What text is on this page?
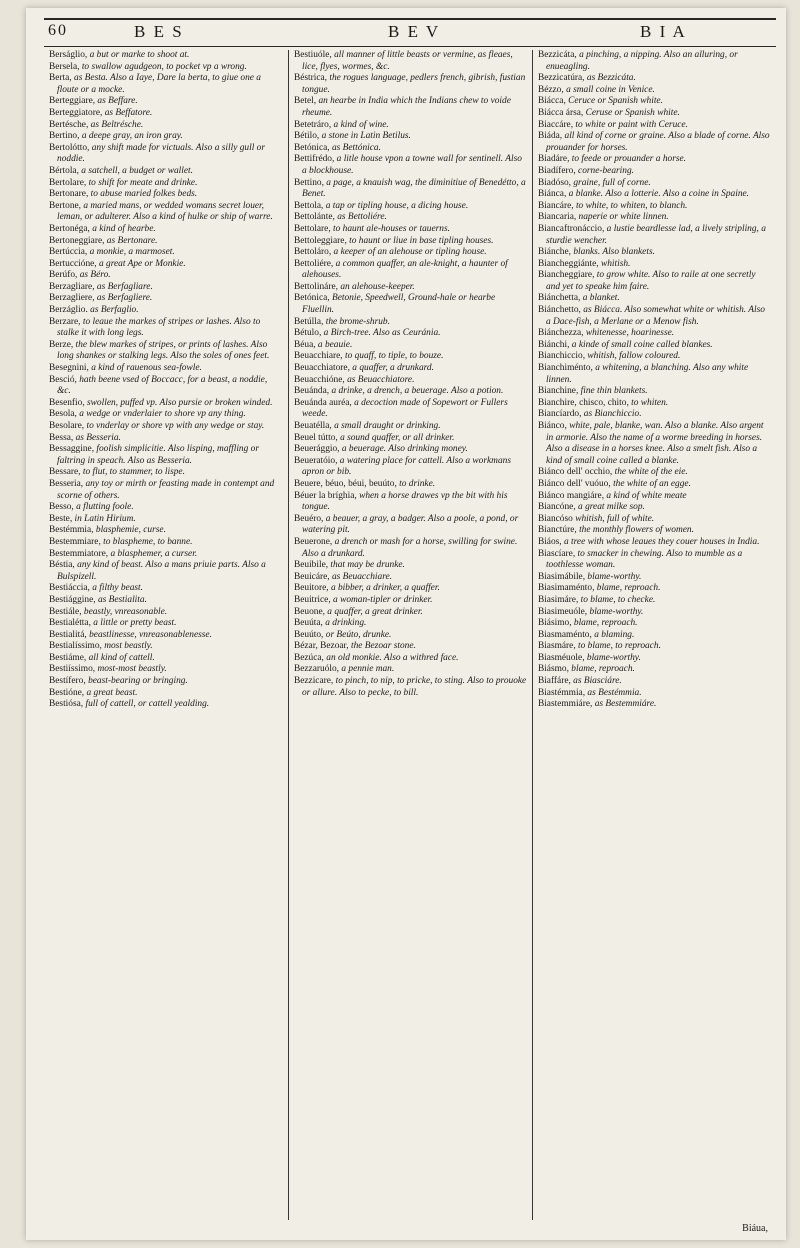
60	B E S	B E V	B I A

Berságlio, a but or marke to shoot at.

Bersela, to swallow agudgeon, to pocket vp a wrong.

Berta, as Besta. Also a Iaye, Dare la berta, to giue one a floute or a mocke.

Berteggiare, as Beffare.

Berteggiatore, as Beffatore.

Bertésche, as Beltrésche.

Bertino, a deepe gray, an iron gray.

Bertolótto, any shift made for victuals. Also a silly gull or noddie.

Bértola, a satchell, a budget or wallet.

Bertolare, to shift for meate and drinke.

Bertonare, to abuse maried folkes beds.

Bertone, a maried mans, or wedded womans secret louer, leman, or adulterer. Also a kind of hulke or ship of warre.

Bertonéga, a kind of hearbe.

Bertoneggiare, as Bertonare.

Bertúccia, a monkie, a marmoset.

Bertuccióne, a great Ape or Monkie.

Berúfo, as Béro.

Berzagliare, as Berfagliare.

Berzagliere, as Berfagliere.

Berzáglio. as Berfaglio.

Berzare, to leaue the markes of stripes or lashes. Also to stalke it with long legs.

Berze, the blew markes of stripes, or prints of lashes. Also long shankes or stalking legs. Also the soles of ones feet.

Besegnini, a kind of rauenous sea-fowle.

Besció, hath beene vsed of Boccacc, for a beast, a noddie, &c.

Besenfio, swollen, puffed vp. Also pursie or broken winded.

Besola, a wedge or vnderlaier to shore vp any thing.

Besolare, to vnderlay or shore vp with any wedge or stay.

Bessa, as Besseria.

Bessaggine, foolish simplicitie. Also lisping, maffling or faltring in speach. Also as Besseria.

Bessare, to flut, to stammer, to lispe.

Besseria, any toy or mirth or feasting made in contempt and scorne of others.

Besso, a flutting foole.

Beste, in Latin Hirium.

Bestémmia, blasphemie, curse.

Bestemmiare, to blaspheme, to banne.

Bestemmiatore, a blasphemer, a curser.

Béstia, any kind of beast. Also a mans priuie parts. Also a Bulspizell.

Bestiáccia, a filthy beast.

Bestiággine, as Bestialita.

Bestiále, beastly, vnreasonable.

Bestialétta, a little or pretty beast.

Bestialitá, beastlinesse, vnreasonablenesse.

Bestialíssimo, most beastly.

Bestiáme, all kind of cattell.

Bestiíssimo, most-most beastly.

Bestífero, beast-bearing or bringing.

Bestióne, a great beast.

Bestiósa, full of cattell, or cattell yealding.

Bestiuóle, all manner of little beasts or vermine, as fleaes, lice, flyes, wormes, &c.

Béstrica, the rogues language, pedlers french, gibrish, fustian tongue.

Betel, an hearbe in India which the Indians chew to voide rheume.

Betetráro, a kind of wine.

Bétilo, a stone in Latin Betilus.

Betónica, as Bettónica.

Bettifrédo, a litle house vpon a towne wall for sentinell. Also a blockhouse.

Bettino, a page, a knauish wag, the diminitiue of Benedétto, a Benet.

Bettola, a tap or tipling house, a dicing house.

Bettolánte, as Bettoliére.

Bettolare, to haunt ale-houses or tauerns.

Bettoleggiare, to haunt or liue in base tipling houses.

Bettoláro, a keeper of an alehouse or tipling house.

Bettoliére, a common quaffer, an ale-knight, a haunter of alehouses.

Bettolináre, an alehouse-keeper.

Betónica, Betonie, Speedwell, Ground-hale or hearbe Fluellin.

Betúlla, the brome-shrub.

Bétulo, a Birch-tree. Also as Ceuránia.

Béua, a beauie.

Beuacchiare, to quaff, to tiple, to bouze.

Beuacchiatore, a quaffer, a drunkard.

Beuacchióne, as Beuacchiatore.

Beuánda, a drinke, a drench, a beuerage. Also a potion.

Beuánda auréa, a decoction made of Sopewort or Fullers weede.

Beuatélla, a small draught or drinking.

Beuel tútto, a sound quaffer, or all drinker.

Beuerággio, a beuerage. Also drinking money.

Beueratóio, a watering place for cattell. Also a workmans apron or bib.

Beuere, béuo, béui, beuúto, to drinke.

Béuer la bríghia, when a horse drawes vp the bit with his tongue.

Beuéro, a beauer, a gray, a badger. Also a poole, a pond, or watering pit.

Beuerone, a drench or mash for a horse, swilling for swine. Also a drunkard.

Beuibile, that may be drunke.

Beuicáre, as Beuacchiare.

Beuitore, a bibber, a drinker, a quaffer.

Beuitrice, a woman-tipler or drinker.

Beuone, a quaffer, a great drinker.

Beuúta, a drinking.

Beuúto, or Beúto, drunke.

Bézar, Bezoar, the Bezoar stone.

Bezúca, an old monkie. Also a withred face.

Bezzaruólo, a pennie man.

Bezzicare, to pinch, to nip, to pricke, to sting. Also to prouoke or allure. Also to pecke, to bill.

Bezzicáta, a pinching, a nipping. Also an alluring, or enueagling.

Bezzicatúra, as Bezzicáta.

Bézzo, a small coine in Venice.

Biácca, Ceruce or Spanish white.

Biácca ársa, Ceruse or Spanish white.

Biaccáre, to white or paint with Ceruce.

Biáda, all kind of corne or graine. Also a blade of corne. Also prouander for horses.

Biadáre, to feede or prouander a horse.

Biadífero, corne-bearing.

Biadóso, graine, full of corne.

Biánca, a blanke. Also a lotterie. Also a coine in Spaine.

Biancáre, to white, to whiten, to blanch.

Biancaria, naperie or white linnen.

Biancaftronáccio, a lustie beardlesse lad, a lively stripling, a sturdie wencher.

Biánche, blanks. Also blankets.

Biancheggiánte, whitish.

Biancheggiare, to grow white. Also to raile at one secretly and yet to speake him faire.

Biánchetta, a blanket.

Biánchetto, as Biácca. Also somewhat white or whitish. Also a Dace-fish, a Merlane or a Menow fish.

Biánchezza, whitenesse, hoarinesse.

Biánchi, a kinde of small coine called blankes.

Bianchiccio, whitish, fallow coloured.

Bianchiménto, a whitening, a blanching. Also any white linnen.

Bianchine, fine thin blankets.

Bianchire, chisco, chito, to whiten.

Biancíardo, as Bianchiccio.

Biánco, white, pale, blanke, wan. Also a blanke. Also argent in armorie. Also the name of a worme breeding in horses. Also a disease in a horses knee. Also a smelt fish. Also a kind of small coine called a blanke.

Biánco dell' occhio, the white of the eie.

Biánco dell' vuóuo, the white of an egge.

Biánco mangiáre, a kind of white meate

Biancóne, a great milke sop.

Biancóso whitish, full of white.

Bianctúre, the monthly flowers of women.

Biáos, a tree with whose leaues they couer houses in India.

Biascíare, to smacker in chewing. Also to mumble as a toothlesse woman.

Biasimábile, blame-worthy.

Biasimaménto, blame, reproach.

Biasimáre, to blame, to checke.

Biasimeuóle, blame-worthy.

Biásimo, blame, reproach.

Biasmaménto, a blaming.

Biasmáre, to blame, to reproach.

Biasméuole, blame-worthy.

Biásmo, blame, reproach.

Biaffáre, as Biasciáre.

Biastémmia, as Bestémmia.

Biastemmiáre, as Bestemmiáre.

Biáua,
